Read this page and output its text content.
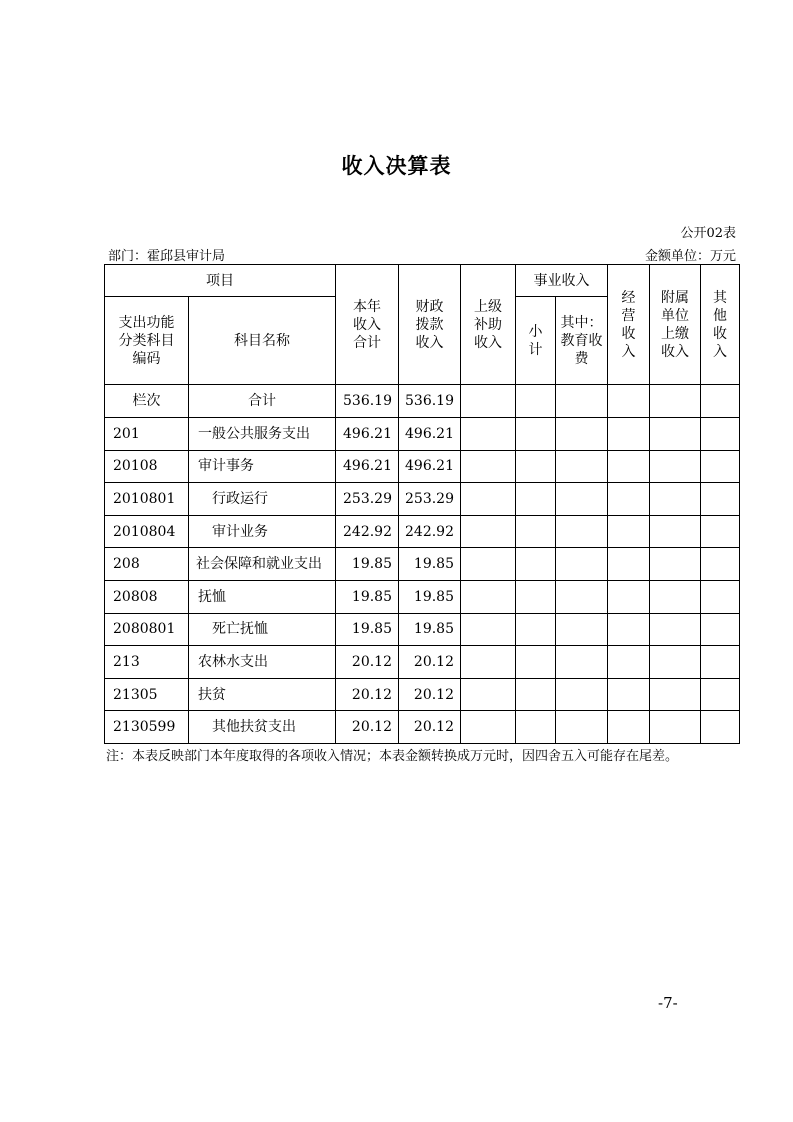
收入决算表
公开02表
部门：霍邱县审计局	金额单位：万元
项目		本年收入合计	财政拨款收入	上级补助收入	事业收入		经营收入	附属单位上缴收入	其他收入

支出功能分类科目编码	科目名称				小计	其中：教育收费			

栏次	合计	536.19	536.19						
201	一般公共服务支出	496.21	496.21						
20108	审计事务	496.21	496.21						
2010801	行政运行	253.29	253.29						
2010804	审计业务	242.92	242.92						
208	社会保障和就业支出	19.85	19.85						
20808	抚恤	19.85	19.85						
2080801	死亡抚恤	19.85	19.85						
213	农林水支出	20.12	20.12						
21305	扶贫	20.12	20.12						
2130599	其他扶贫支出	20.12	20.12						
注：本表反映部门本年度取得的各项收入情况；本表金额转换成万元时，因四舍五入可能存在尾差。
-7-
